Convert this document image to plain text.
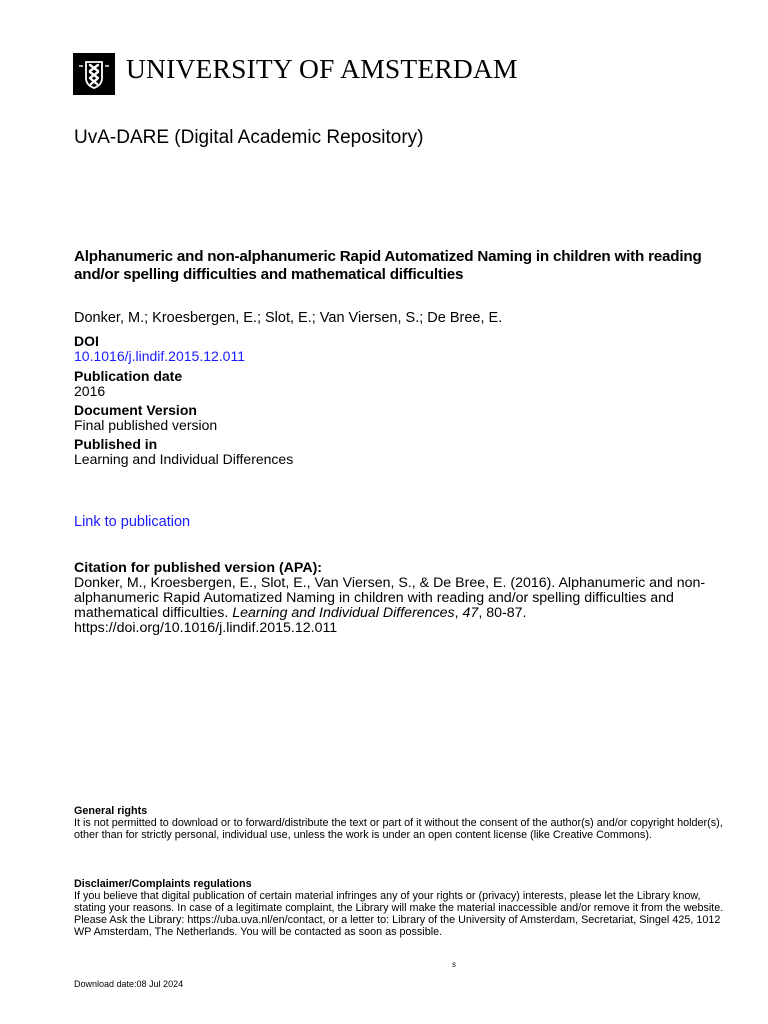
UNIVERSITY OF AMSTERDAM
UvA-DARE (Digital Academic Repository)
Alphanumeric and non-alphanumeric Rapid Automatized Naming in children with reading and/or spelling difficulties and mathematical difficulties

Donker, M.; Kroesbergen, E.; Slot, E.; Van Viersen, S.; De Bree, E.

DOI
10.1016/j.lindif.2015.12.011
Publication date
2016
Document Version
Final published version
Published in
Learning and Individual Differences
Link to publication
Citation for published version (APA):
Donker, M., Kroesbergen, E., Slot, E., Van Viersen, S., & De Bree, E. (2016). Alphanumeric and non-alphanumeric Rapid Automatized Naming in children with reading and/or spelling difficulties and mathematical difficulties. Learning and Individual Differences, 47, 80-87.
https://doi.org/10.1016/j.lindif.2015.12.011
General rights
It is not permitted to download or to forward/distribute the text or part of it without the consent of the author(s) and/or copyright holder(s), other than for strictly personal, individual use, unless the work is under an open content license (like Creative Commons).
Disclaimer/Complaints regulations
If you believe that digital publication of certain material infringes any of your rights or (privacy) interests, please let the Library know, stating your reasons. In case of a legitimate complaint, the Library will make the material inaccessible and/or remove it from the website. Please Ask the Library: https://uba.uva.nl/en/contact, or a letter to: Library of the University of Amsterdam, Secretariat, Singel 425, 1012 WP Amsterdam, The Netherlands. You will be contacted as soon as possible.
s
Download date:08 Jul 2024
